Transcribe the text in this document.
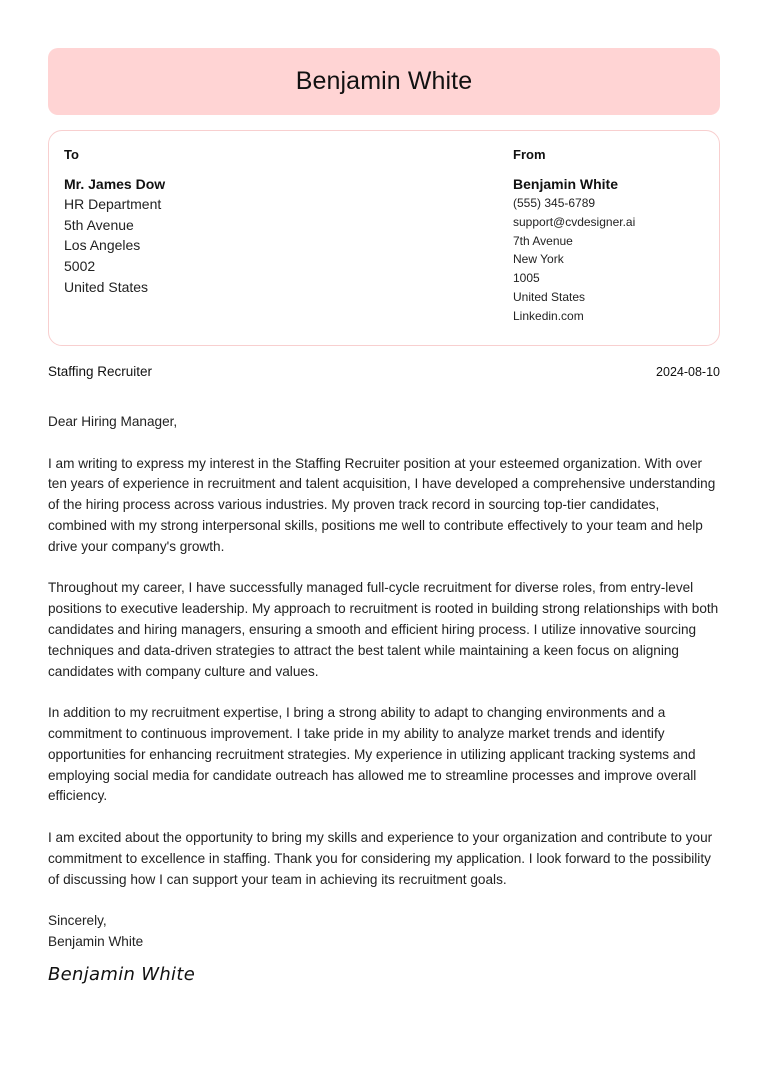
Benjamin White
To
Mr. James Dow
HR Department
5th Avenue
Los Angeles
5002
United States
From
Benjamin White
(555) 345-6789
support@cvdesigner.ai
7th Avenue
New York
1005
United States
Linkedin.com
Staffing Recruiter	2024-08-10

Dear Hiring Manager,

I am writing to express my interest in the Staffing Recruiter position at your esteemed organization. With over ten years of experience in recruitment and talent acquisition, I have developed a comprehensive understanding of the hiring process across various industries. My proven track record in sourcing top-tier candidates, combined with my strong interpersonal skills, positions me well to contribute effectively to your team and help drive your company's growth.

Throughout my career, I have successfully managed full-cycle recruitment for diverse roles, from entry-level positions to executive leadership. My approach to recruitment is rooted in building strong relationships with both candidates and hiring managers, ensuring a smooth and efficient hiring process. I utilize innovative sourcing techniques and data-driven strategies to attract the best talent while maintaining a keen focus on aligning candidates with company culture and values.

In addition to my recruitment expertise, I bring a strong ability to adapt to changing environments and a commitment to continuous improvement. I take pride in my ability to analyze market trends and identify opportunities for enhancing recruitment strategies. My experience in utilizing applicant tracking systems and employing social media for candidate outreach has allowed me to streamline processes and improve overall efficiency.

I am excited about the opportunity to bring my skills and experience to your organization and contribute to your commitment to excellence in staffing. Thank you for considering my application. I look forward to the possibility of discussing how I can support your team in achieving its recruitment goals.

Sincerely,
Benjamin White
Benjamin White
